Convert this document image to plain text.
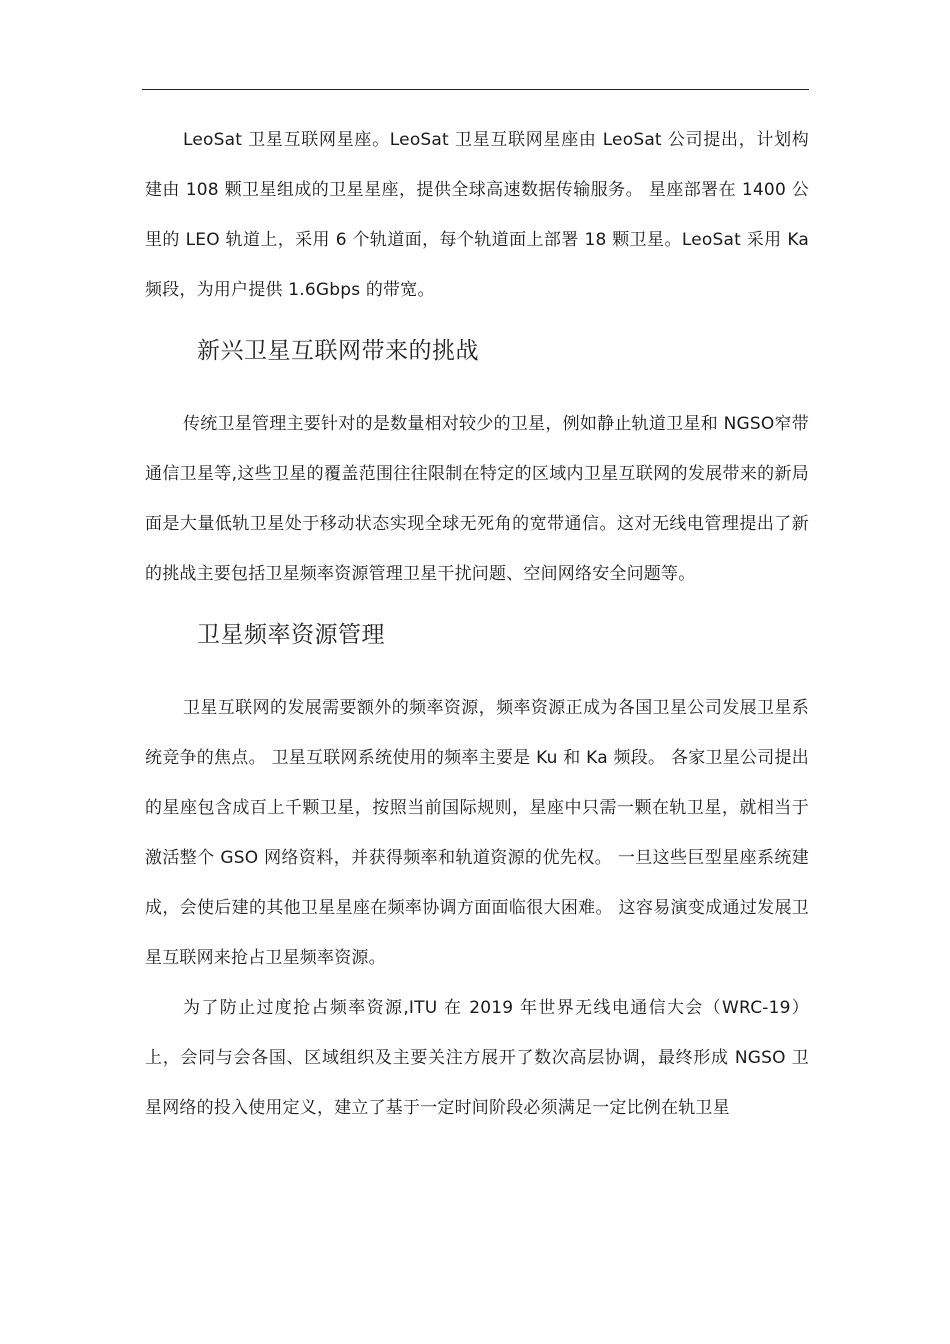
LeoSat 卫星互联网星座。LeoSat 卫星互联网星座由 LeoSat 公司提出，计划构建由 108 颗卫星组成的卫星星座，提供全球高速数据传输服务。 星座部署在 1400 公里的 LEO 轨道上，采用 6 个轨道面，每个轨道面上部署 18 颗卫星。LeoSat 采用 Ka 频段，为用户提供 1.6Gbps 的带宽。

新兴卫星互联网带来的挑战

传统卫星管理主要针对的是数量相对较少的卫星，例如静止轨道卫星和 NGSO窄带通信卫星等,这些卫星的覆盖范围往往限制在特定的区域内卫星互联网的发展带来的新局面是大量低轨卫星处于移动状态实现全球无死角的宽带通信。这对无线电管理提出了新的挑战主要包括卫星频率资源管理卫星干扰问题、空间网络安全问题等。

卫星频率资源管理

卫星互联网的发展需要额外的频率资源，频率资源正成为各国卫星公司发展卫星系统竞争的焦点。 卫星互联网系统使用的频率主要是 Ku 和 Ka 频段。 各家卫星公司提出的星座包含成百上千颗卫星，按照当前国际规则，星座中只需一颗在轨卫星，就相当于激活整个 GSO 网络资料，并获得频率和轨道资源的优先权。 一旦这些巨型星座系统建成，会使后建的其他卫星星座在频率协调方面面临很大困难。 这容易演变成通过发展卫星互联网来抢占卫星频率资源。

为了防止过度抢占频率资源,ITU 在 2019 年世界无线电通信大会（WRC-19）上，会同与会各国、区域组织及主要关注方展开了数次高层协调，最终形成 NGSO 卫星网络的投入使用定义，建立了基于一定时间阶段必须满足一定比例在轨卫星
